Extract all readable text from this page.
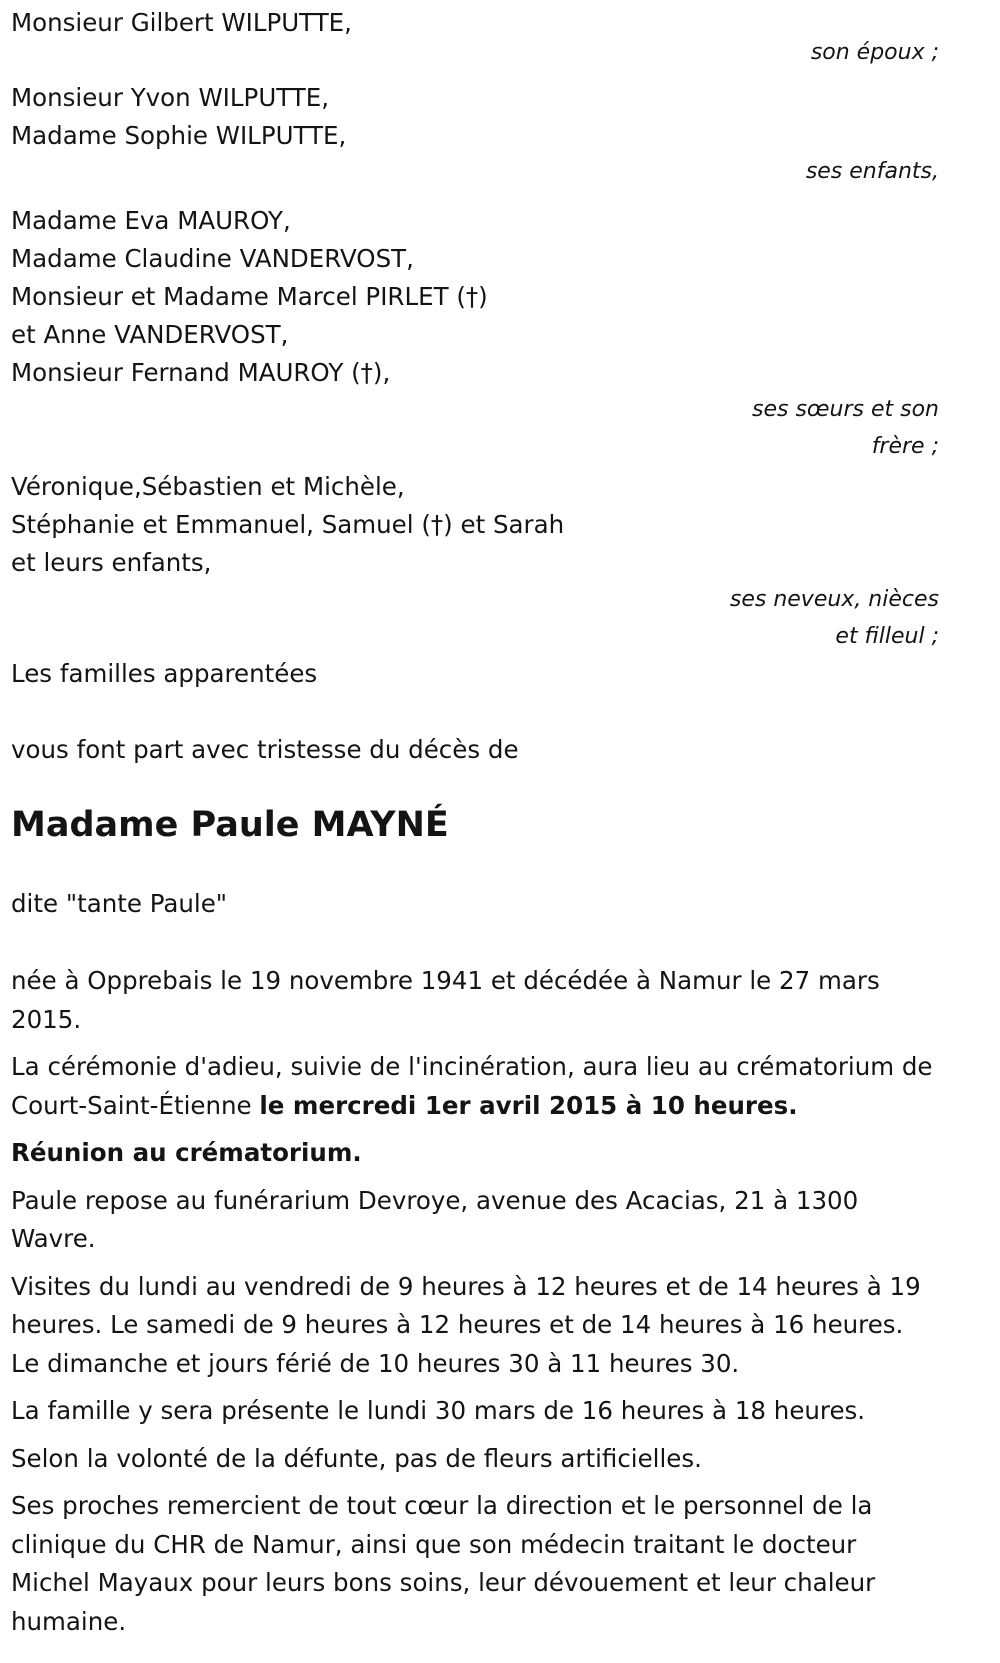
Monsieur Gilbert WILPUTTE,

son époux ;

Monsieur Yvon WILPUTTE,

Madame Sophie WILPUTTE,

ses enfants,

Madame Eva MAUROY,

Madame Claudine VANDERVOST,

Monsieur et Madame Marcel PIRLET (†)

et Anne VANDERVOST,

Monsieur Fernand MAUROY (†),

ses sœurs et son
frère ;

Véronique,Sébastien et Michèle,

Stéphanie et Emmanuel, Samuel (†) et Sarah

et leurs enfants,

ses neveux, nièces
et filleul ;

Les familles apparentées

vous font part avec tristesse du décès de

Madame Paule MAYNÉ

dite "tante Paule"

née à Opprebais le 19 novembre 1941 et décédée à Namur le 27 mars 2015.

La cérémonie d'adieu, suivie de l'incinération, aura lieu au crématorium de Court-Saint-Étienne le mercredi 1er avril 2015 à 10 heures.

Réunion au crématorium.

Paule repose au funérarium Devroye, avenue des Acacias, 21 à 1300 Wavre.

Visites du lundi au vendredi de 9 heures à 12 heures et de 14 heures à 19 heures. Le samedi de 9 heures à 12 heures et de 14 heures à 16 heures. Le dimanche et jours férié de 10 heures 30 à 11 heures 30.

La famille y sera présente le lundi 30 mars de 16 heures à 18 heures.

Selon la volonté de la défunte, pas de fleurs artificielles.

Ses proches remercient de tout cœur la direction et le personnel de la clinique du CHR de Namur, ainsi que son médecin traitant le docteur Michel Mayaux pour leurs bons soins, leur dévouement et leur chaleur humaine.
